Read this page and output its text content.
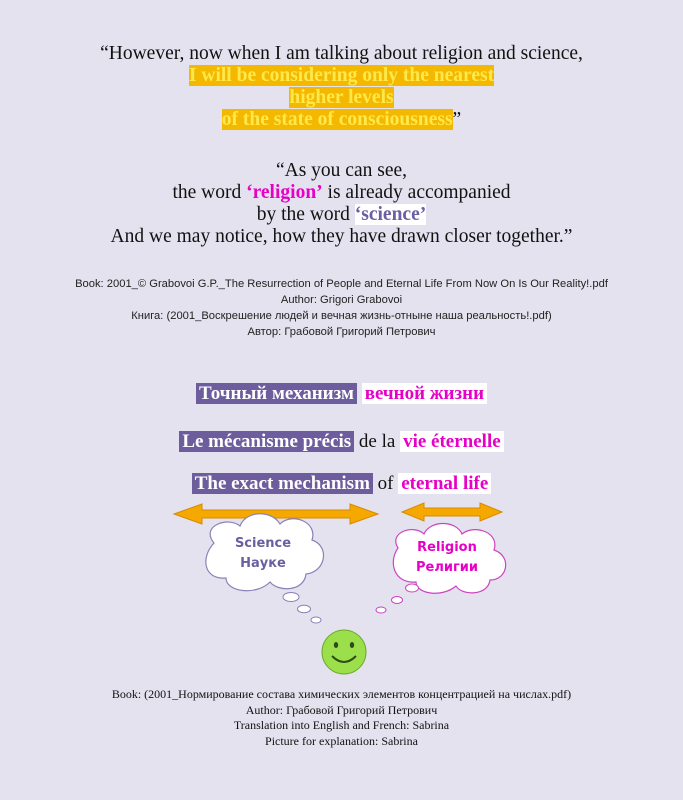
“However, now when I am talking about religion and science,
I will be considering only the nearest
higher levels
of the state of consciousness”
“As you can see,
the word ‘religion’ is already accompanied
by the word ‘science’
And we may notice, how they have drawn closer together.”
Book: 2001_© Grabovoi G.P._The Resurrection of People and Eternal Life From Now On Is Our Reality!.pdf
Author: Grigori Grabovoi
Книга: (2001_Воскрешение людей и вечная жизнь-отныне наша реальность!.pdf)
Автор: Грабовой Григорий Петрович
Точный механизм вечной жизни
Le mécanisme précis de la vie éternelle
The exact mechanism of eternal life
Science
Науке
Religion
Религии
Book: (2001_Нормирование состава химических элементов концентрацией на числах.pdf)
Author: Грабовой Григорий Петрович
Translation into English and French: Sabrina
Picture for explanation: Sabrina
